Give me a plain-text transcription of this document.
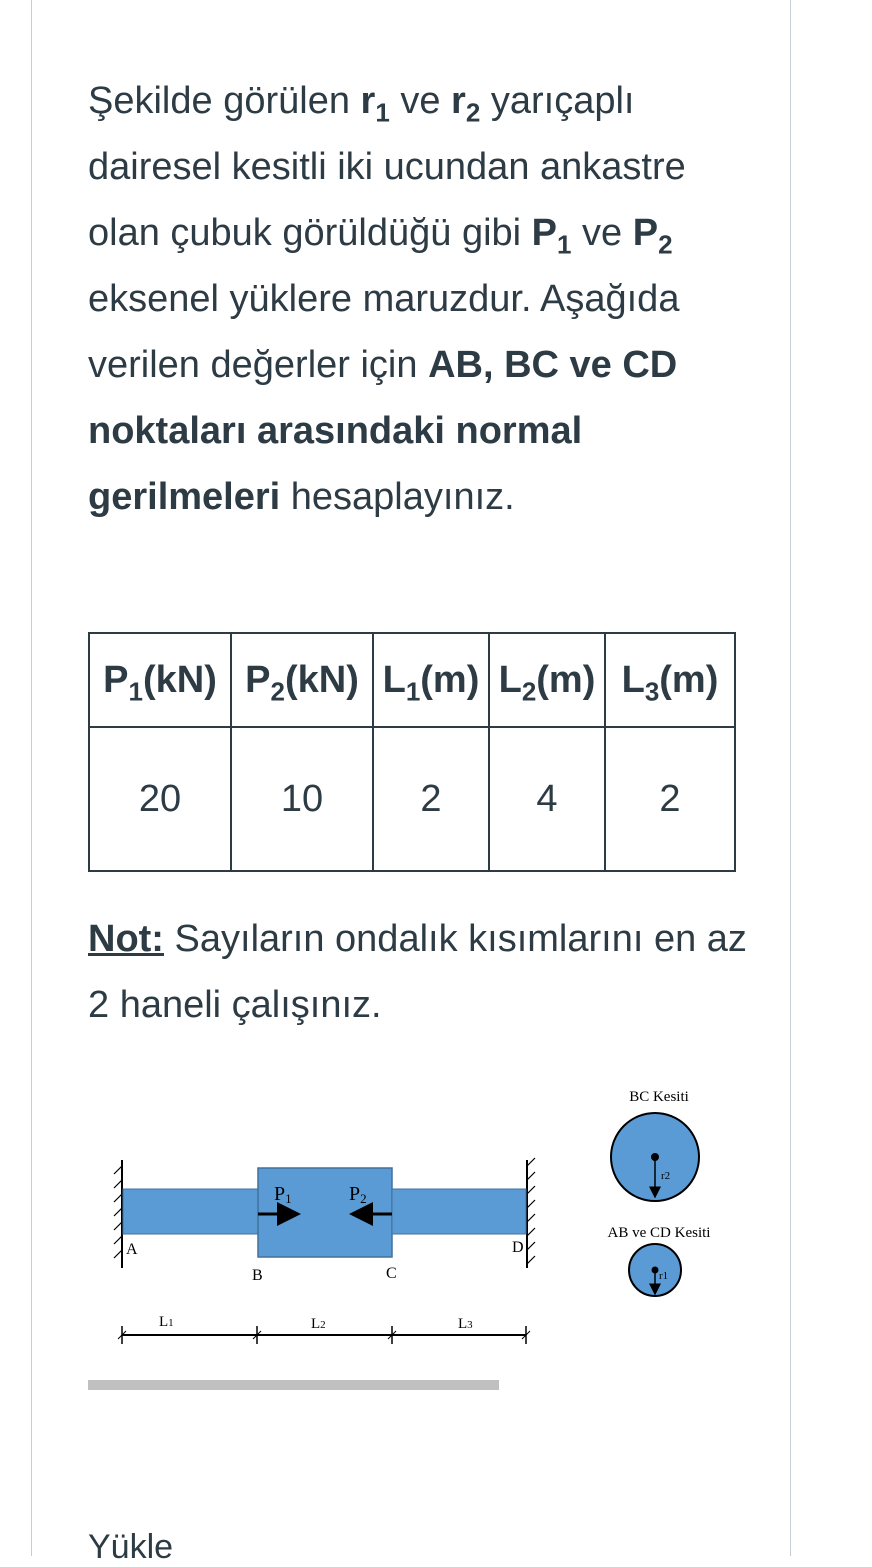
Şekilde görülen $r_1$ ve $r_2$ yarıçaplı dairesel kesitli iki ucundan ankastre olan çubuk görüldüğü gibi $P_1$ ve $P_2$ eksenel yüklere maruzdur. Aşağıda verilen değerler için AB, BC ve CD noktaları arasındaki normal gerilmeleri hesaplayınız.

$P_1(kN)$	$P_2(kN)$	$L_1(m)$	$L_2(m)$	$L_3(m)$
20	10	2	4	2

Not: Sayıların ondalık kısımlarını en az 2 haneli çalışınız.

P1	P2
A
B	C
D
L1	L2	L3
BC Kesiti
r2
AB ve CD Kesiti
r1
Yükle
